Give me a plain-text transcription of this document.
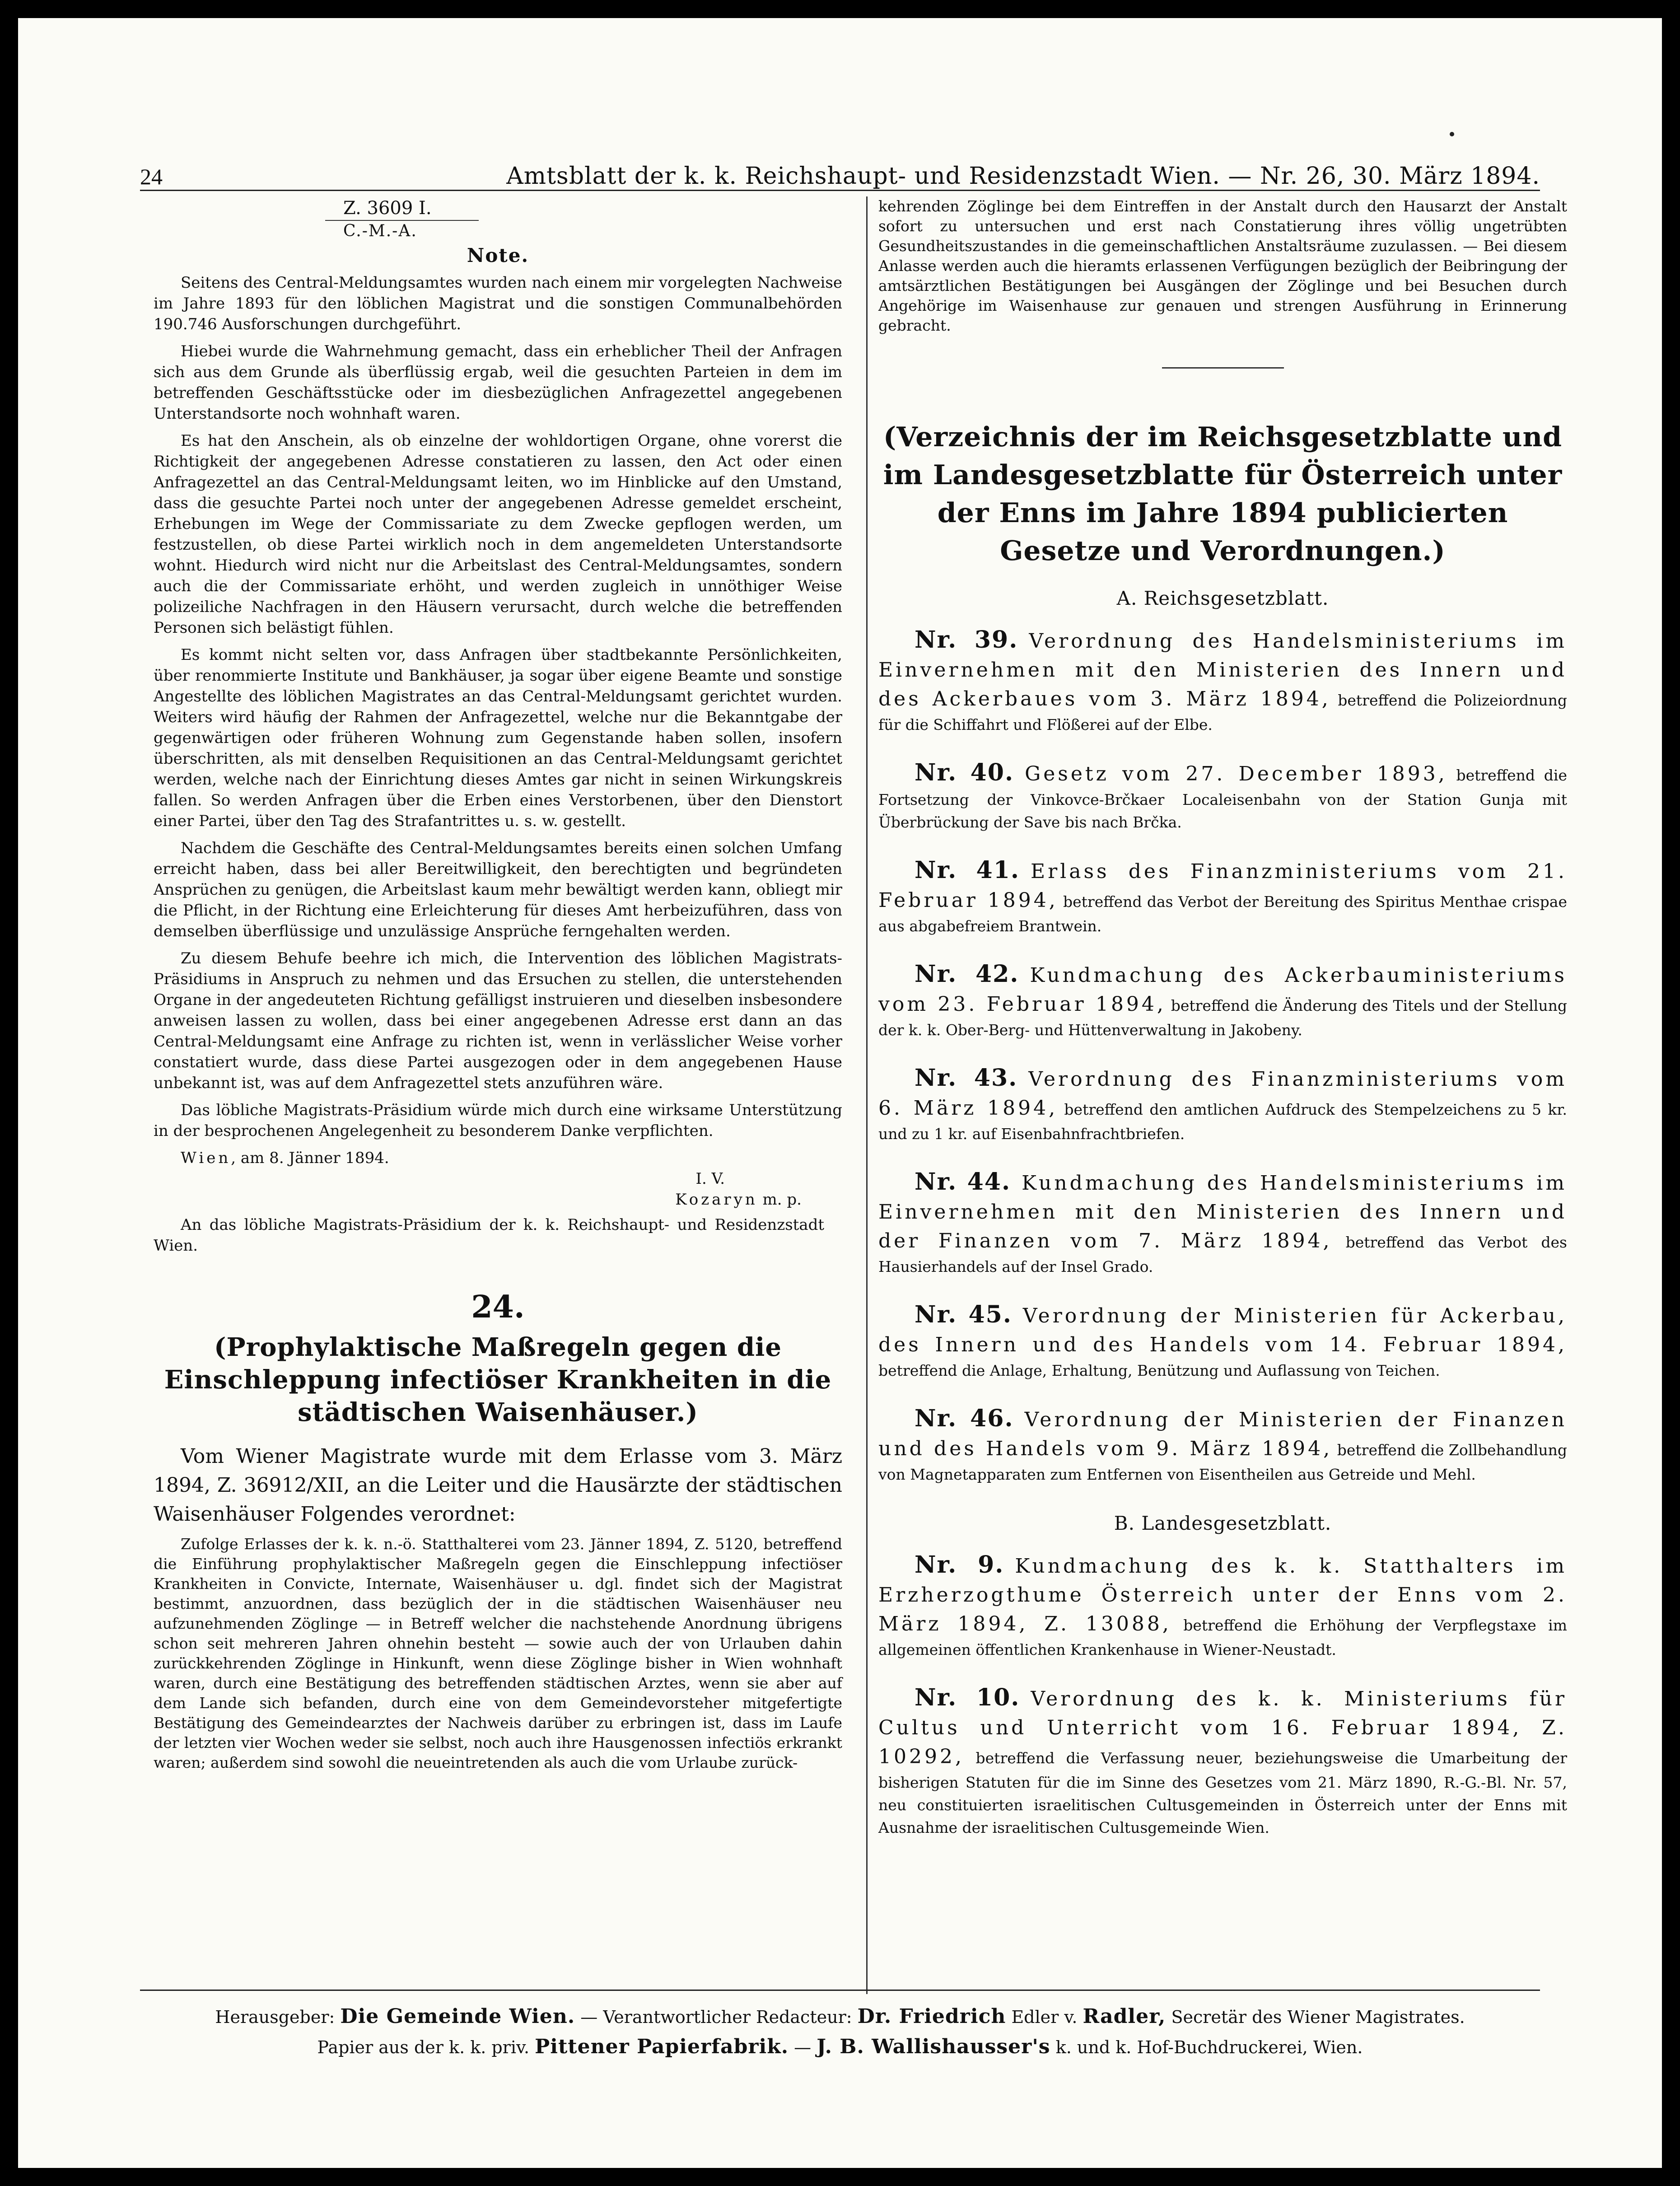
24	Amtsblatt der k. k. Reichshaupt- und Residenzstadt Wien. — Nr. 26, 30. März 1894.

Z. 3609 I.

C.-M.-A.

Note.

Seitens des Central-Meldungsamtes wurden nach einem mir vorgelegten Nachweise im Jahre 1893 für den löblichen Magistrat und die sonstigen Communalbehörden 190.746 Ausforschungen durchgeführt.

Hiebei wurde die Wahrnehmung gemacht, dass ein erheblicher Theil der Anfragen sich aus dem Grunde als überflüssig ergab, weil die gesuchten Parteien in dem im betreffenden Geschäftsstücke oder im diesbezüglichen Anfragezettel angegebenen Unterstandsorte noch wohnhaft waren.

Es hat den Anschein, als ob einzelne der wohldortigen Organe, ohne vorerst die Richtigkeit der angegebenen Adresse constatieren zu lassen, den Act oder einen Anfragezettel an das Central-Meldungsamt leiten, wo im Hinblicke auf den Umstand, dass die gesuchte Partei noch unter der angegebenen Adresse gemeldet erscheint, Erhebungen im Wege der Commissariate zu dem Zwecke gepflogen werden, um festzustellen, ob diese Partei wirklich noch in dem angemeldeten Unterstandsorte wohnt. Hiedurch wird nicht nur die Arbeitslast des Central-Meldungsamtes, sondern auch die der Commissariate erhöht, und werden zugleich in unnöthiger Weise polizeiliche Nachfragen in den Häusern verursacht, durch welche die betreffenden Personen sich belästigt fühlen.

Es kommt nicht selten vor, dass Anfragen über stadtbekannte Persönlichkeiten, über renommierte Institute und Bankhäuser, ja sogar über eigene Beamte und sonstige Angestellte des löblichen Magistrates an das Central-Meldungsamt gerichtet wurden. Weiters wird häufig der Rahmen der Anfragezettel, welche nur die Bekanntgabe der gegenwärtigen oder früheren Wohnung zum Gegenstande haben sollen, insofern überschritten, als mit denselben Requisitionen an das Central-Meldungsamt gerichtet werden, welche nach der Einrichtung dieses Amtes gar nicht in seinen Wirkungskreis fallen. So werden Anfragen über die Erben eines Verstorbenen, über den Dienstort einer Partei, über den Tag des Strafantrittes u. s. w. gestellt.

Nachdem die Geschäfte des Central-Meldungsamtes bereits einen solchen Umfang erreicht haben, dass bei aller Bereitwilligkeit, den berechtigten und begründeten Ansprüchen zu genügen, die Arbeitslast kaum mehr bewältigt werden kann, obliegt mir die Pflicht, in der Richtung eine Erleichterung für dieses Amt herbeizuführen, dass von demselben überflüssige und unzulässige Ansprüche ferngehalten werden.

Zu diesem Behufe beehre ich mich, die Intervention des löblichen Magistrats-Präsidiums in Anspruch zu nehmen und das Ersuchen zu stellen, die unterstehenden Organe in der angedeuteten Richtung gefälligst instruieren und dieselben insbesondere anweisen lassen zu wollen, dass bei einer angegebenen Adresse erst dann an das Central-Meldungsamt eine Anfrage zu richten ist, wenn in verlässlicher Weise vorher constatiert wurde, dass diese Partei ausgezogen oder in dem angegebenen Hause unbekannt ist, was auf dem Anfragezettel stets anzuführen wäre.

Das löbliche Magistrats-Präsidium würde mich durch eine wirksame Unterstützung in der besprochenen Angelegenheit zu besonderem Danke verpflichten.

Wien, am 8. Jänner 1894.

I. V.

Kozaryn m. p.

An das löbliche Magistrats-Präsidium der k. k. Reichshaupt- und Residenzstadt Wien.

24.

(Prophylaktische Maßregeln gegen die Einschleppung infectiöser Krankheiten in die städtischen Waisenhäuser.)

Vom Wiener Magistrate wurde mit dem Erlasse vom 3. März 1894, Z. 36912/XII, an die Leiter und die Hausärzte der städtischen Waisenhäuser Folgendes verordnet:

Zufolge Erlasses der k. k. n.-ö. Statthalterei vom 23. Jänner 1894, Z. 5120, betreffend die Einführung prophylaktischer Maßregeln gegen die Einschleppung infectiöser Krankheiten in Convicte, Internate, Waisenhäuser u. dgl. findet sich der Magistrat bestimmt, anzuordnen, dass bezüglich der in die städtischen Waisenhäuser neu aufzunehmenden Zöglinge — in Betreff welcher die nachstehende Anordnung übrigens schon seit mehreren Jahren ohnehin besteht — sowie auch der von Urlauben dahin zurückkehrenden Zöglinge in Hinkunft, wenn diese Zöglinge bisher in Wien wohnhaft waren, durch eine Bestätigung des betreffenden städtischen Arztes, wenn sie aber auf dem Lande sich befanden, durch eine von dem Gemeindevorsteher mitgefertigte Bestätigung des Gemeindearztes der Nachweis darüber zu erbringen ist, dass im Laufe der letzten vier Wochen weder sie selbst, noch auch ihre Hausgenossen infectiös erkrankt waren; außerdem sind sowohl die neueintretenden als auch die vom Urlaube zurück-

kehrenden Zöglinge bei dem Eintreffen in der Anstalt durch den Hausarzt der Anstalt sofort zu untersuchen und erst nach Constatierung ihres völlig ungetrübten Gesundheitszustandes in die gemeinschaftlichen Anstaltsräume zuzulassen. — Bei diesem Anlasse werden auch die hieramts erlassenen Verfügungen bezüglich der Beibringung der amtsärztlichen Bestätigungen bei Ausgängen der Zöglinge und bei Besuchen durch Angehörige im Waisenhause zur genauen und strengen Ausführung in Erinnerung gebracht.

(Verzeichnis der im Reichsgesetzblatte und im Landesgesetzblatte für Österreich unter der Enns im Jahre 1894 publicierten Gesetze und Verordnungen.)

A. Reichsgesetzblatt.

Nr. 39. Verordnung des Handelsministeriums im Einvernehmen mit den Ministerien des Innern und des Ackerbaues vom 3. März 1894, betreffend die Polizeiordnung für die Schiffahrt und Flößerei auf der Elbe.

Nr. 40. Gesetz vom 27. December 1893, betreffend die Fortsetzung der Vinkovce-Brčkaer Localeisenbahn von der Station Gunja mit Überbrückung der Save bis nach Brčka.

Nr. 41. Erlass des Finanzministeriums vom 21. Februar 1894, betreffend das Verbot der Bereitung des Spiritus Menthae crispae aus abgabefreiem Brantwein.

Nr. 42. Kundmachung des Ackerbauministeriums vom 23. Februar 1894, betreffend die Änderung des Titels und der Stellung der k. k. Ober-Berg- und Hüttenverwaltung in Jakobeny.

Nr. 43. Verordnung des Finanzministeriums vom 6. März 1894, betreffend den amtlichen Aufdruck des Stempelzeichens zu 5 kr. und zu 1 kr. auf Eisenbahnfrachtbriefen.

Nr. 44. Kundmachung des Handelsministeriums im Einvernehmen mit den Ministerien des Innern und der Finanzen vom 7. März 1894, betreffend das Verbot des Hausierhandels auf der Insel Grado.

Nr. 45. Verordnung der Ministerien für Ackerbau, des Innern und des Handels vom 14. Februar 1894, betreffend die Anlage, Erhaltung, Benützung und Auflassung von Teichen.

Nr. 46. Verordnung der Ministerien der Finanzen und des Handels vom 9. März 1894, betreffend die Zollbehandlung von Magnetapparaten zum Entfernen von Eisentheilen aus Getreide und Mehl.

B. Landesgesetzblatt.

Nr. 9. Kundmachung des k. k. Statthalters im Erzherzogthume Österreich unter der Enns vom 2. März 1894, Z. 13088, betreffend die Erhöhung der Verpflegstaxe im allgemeinen öffentlichen Krankenhause in Wiener-Neustadt.

Nr. 10. Verordnung des k. k. Ministeriums für Cultus und Unterricht vom 16. Februar 1894, Z. 10292, betreffend die Verfassung neuer, beziehungsweise die Umarbeitung der bisherigen Statuten für die im Sinne des Gesetzes vom 21. März 1890, R.-G.-Bl. Nr. 57, neu constituierten israelitischen Cultusgemeinden in Österreich unter der Enns mit Ausnahme der israelitischen Cultusgemeinde Wien.

Herausgeber: Die Gemeinde Wien. — Verantwortlicher Redacteur: Dr. Friedrich Edler v. Radler, Secretär des Wiener Magistrates.
Papier aus der k. k. priv. Pittener Papierfabrik. — J. B. Wallishausser's k. und k. Hof-Buchdruckerei, Wien.
